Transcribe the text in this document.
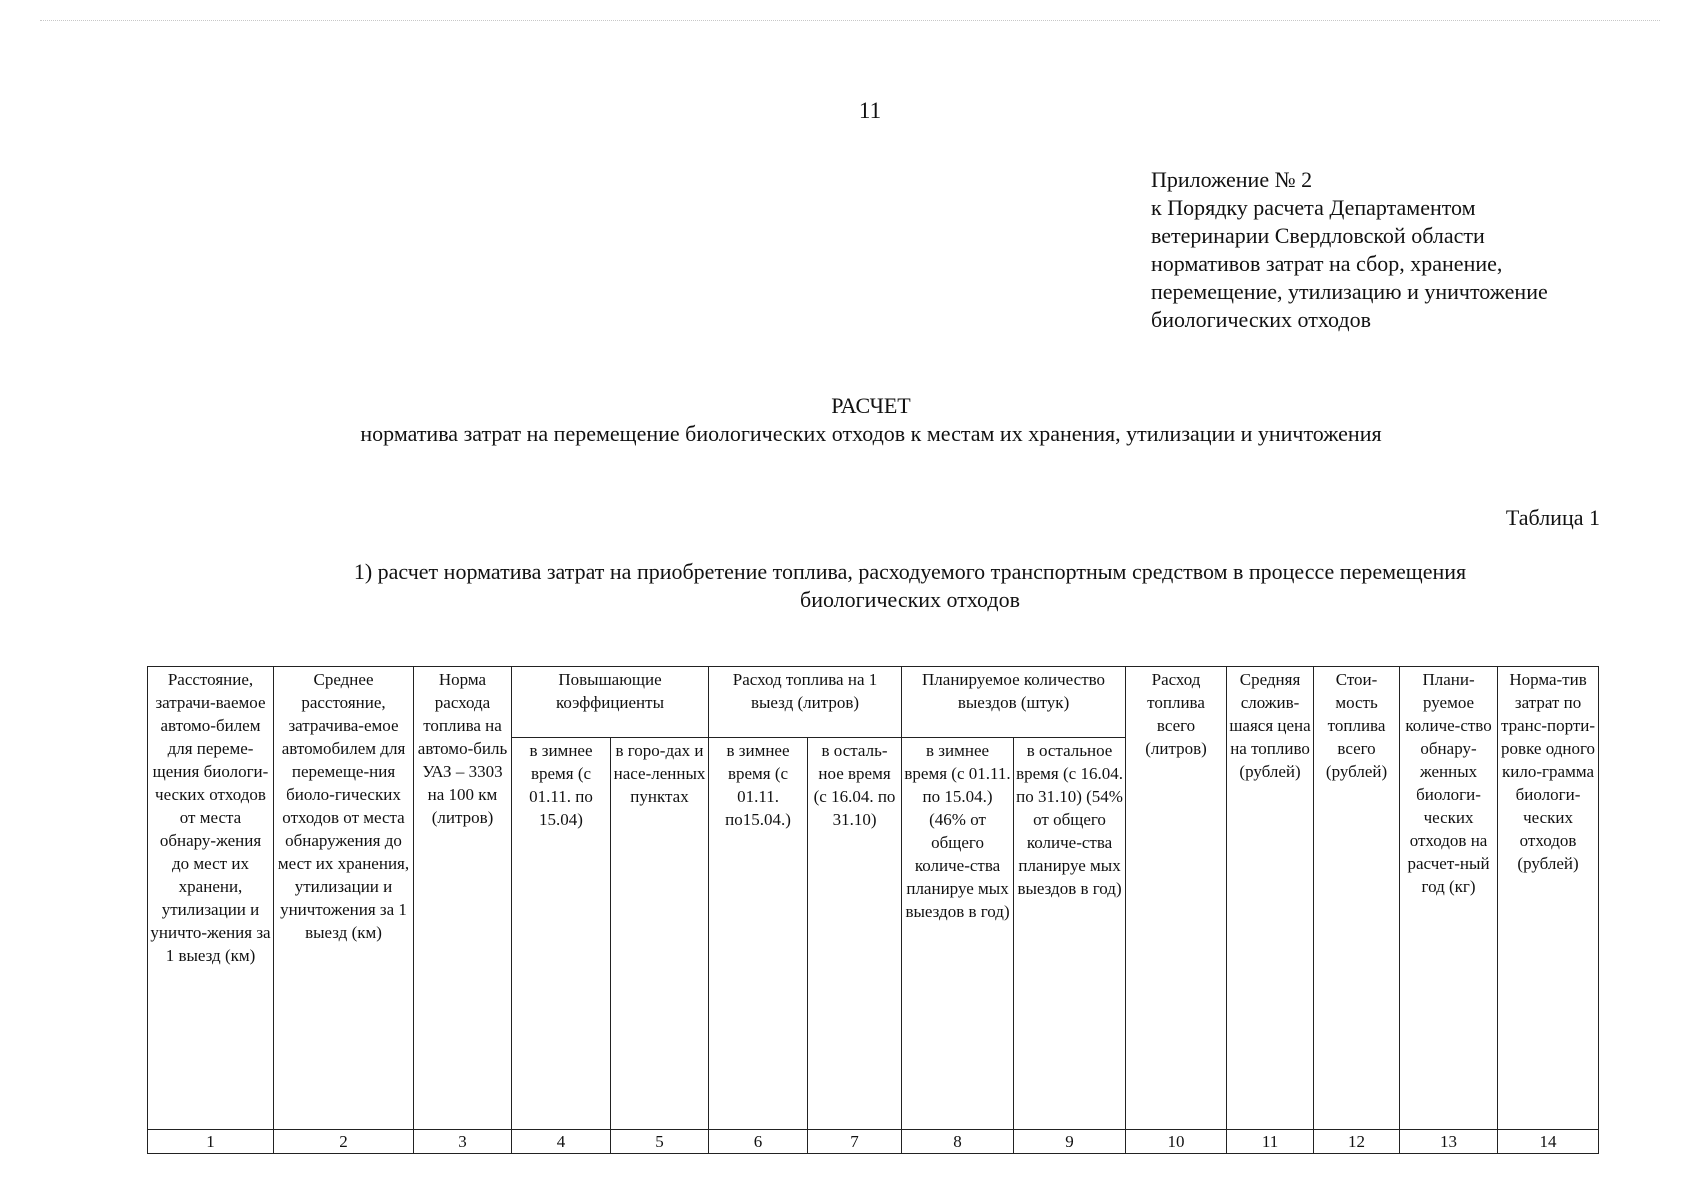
11
Приложение № 2
к Порядку расчета Департаментом
ветеринарии Свердловской области
нормативов затрат на сбор, хранение,
перемещение, утилизацию и уничтожение
биологических отходов
РАСЧЕТ
норматива затрат на перемещение биологических отходов к местам их хранения, утилизации и уничтожения
Таблица 1
1) расчет норматива затрат на приобретение топлива, расходуемого транспортным средством в процессе перемещения
биологических отходов
Расстояние, затрачи-ваемое автомо-билем для переме-щения биологи-ческих отходов от места обнару-жения до мест их хранени, утилизации и уничто-жения за 1 выезд (км)	Среднее расстояние, затрачива-емое автомобилем для перемеще-ния биоло-гических отходов от места обнаружения до мест их хранения, утилизации и уничтожения за 1 выезд (км)	Норма расхода топлива на автомо-биль УАЗ – 3303 на 100 км (литров)	Повышающие коэффициенты		Расход топлива на 1 выезд (литров)		Планируемое количество выездов (штук)		Расход топлива всего (литров)	Средняя сложив-шаяся цена на топливо (рублей)	Стои-мость топлива всего (рублей)	Плани-руемое количе-ство обнару-женных биологи-ческих отходов на расчет-ный год (кг)	Норма-тив затрат по транс-порти-ровке одного кило-грамма биологи-ческих отходов (рублей)
			в зимнее время (с 01.11. по 15.04)	в горо-дах и насе-ленных пунктах	в зимнее время (с 01.11. по15.04.)	в осталь-ное время (с 16.04. по 31.10)	в зимнее время (с 01.11. по 15.04.) (46% от общего количе-ства планируе мых выездов в год)	в остальное время (с 16.04. по 31.10) (54% от общего количе-ства планируе мых выездов в год)					
1	2	3	4	5	6	7	8	9	10	11	12	13	14
